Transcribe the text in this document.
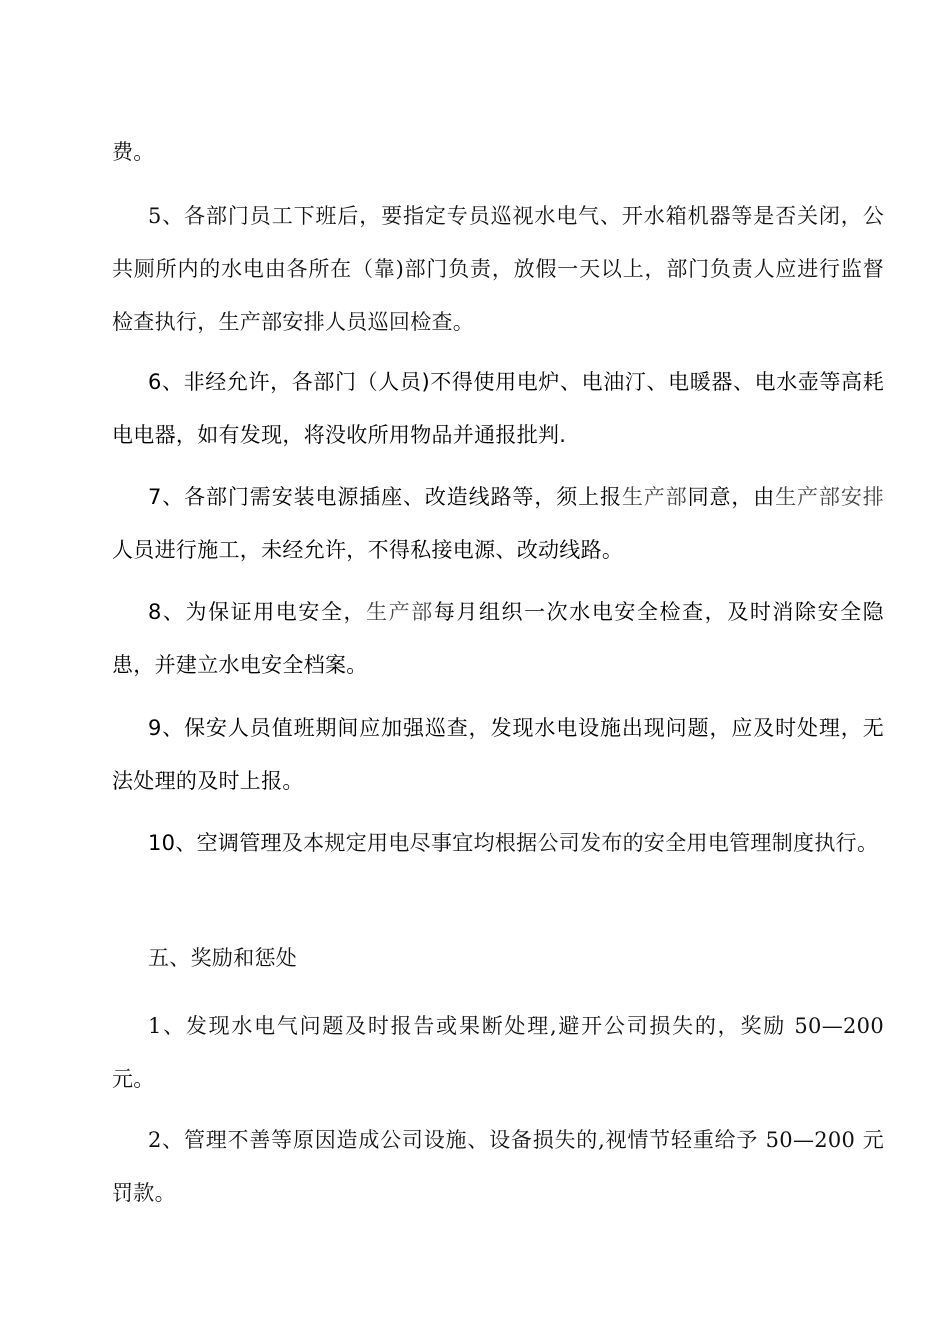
费。

5、各部门员工下班后，要指定专员巡视水电气、开水箱机器等是否关闭，公共厕所内的水电由各所在（靠)部门负责，放假一天以上，部门负责人应进行监督检查执行，生产部安排人员巡回检查。

6、非经允许，各部门（人员)不得使用电炉、电油汀、电暖器、电水壶等高耗电电器，如有发现，将没收所用物品并通报批判.

7、各部门需安装电源插座、改造线路等，须上报生产部同意，由生产部安排人员进行施工，未经允许，不得私接电源、改动线路。

8、为保证用电安全，生产部每月组织一次水电安全检查，及时消除安全隐患，并建立水电安全档案。

9、保安人员值班期间应加强巡查，发现水电设施出现问题，应及时处理，无法处理的及时上报。

10、空调管理及本规定用电尽事宜均根据公司发布的安全用电管理制度执行。

五、奖励和惩处

1、发现水电气问题及时报告或果断处理,避开公司损失的，奖励 50—200 元。

2、管理不善等原因造成公司设施、设备损失的,视情节轻重给予 50—200 元罚款。
